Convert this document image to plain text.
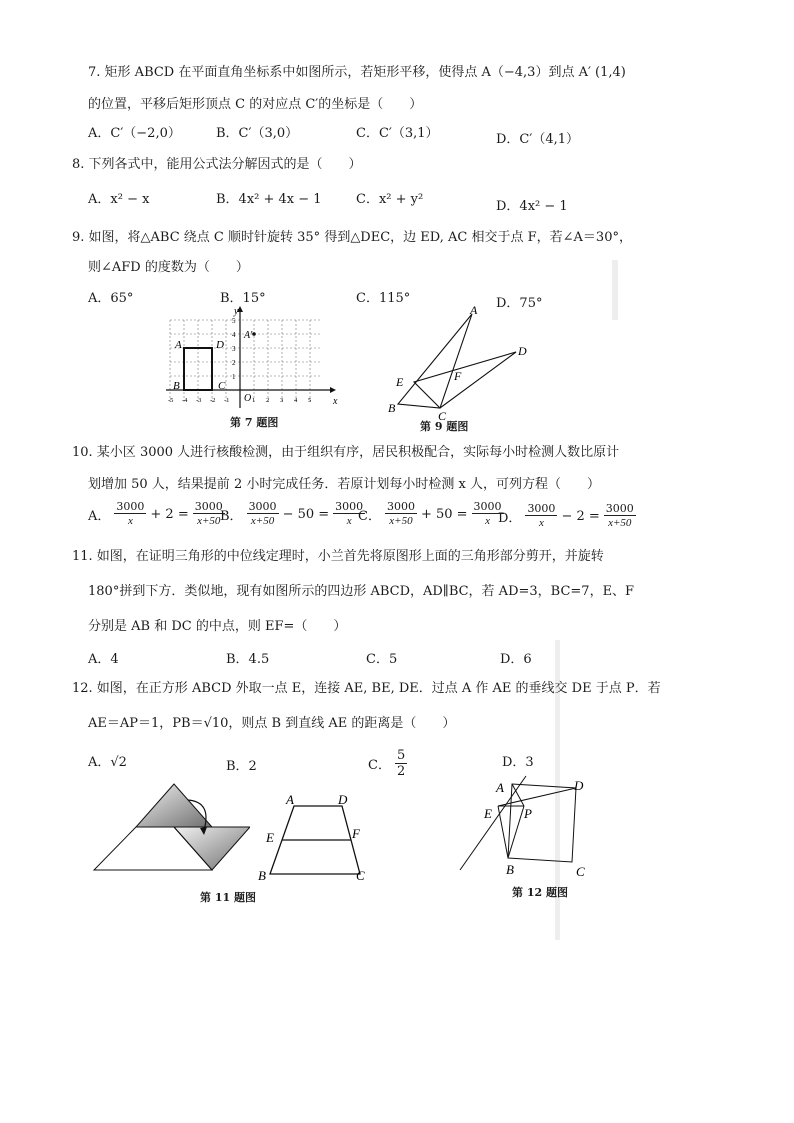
7. 矩形 ABCD 在平面直角坐标系中如图所示，若矩形平移，使得点 A（−4,3）到点 A′ (1,4)
的位置，平移后矩形顶点 C 的对应点 C′的坐标是（　　）
A．C′（−2,0）	B．C′（3,0）	C．C′（3,1）	D．C′（4,1）
8. 下列各式中，能用公式法分解因式的是（　　）
A．x² − x	B．4x² + 4x − 1	C．x² + y²	D．4x² − 1
9. 如图，将△ABC 绕点 C 顺时针旋转 35° 得到△DEC，边 ED, AC 相交于点 F，若∠A＝30°，
则∠AFD 的度数为（　　）
A．65°	B．15°	C．115°	D．75°
y
x
A′
A	D
B	C
O
1
2
3
4
5
-5 -4 -3 -2 -1	1 2 3 4 5
第 7 题图
A
D
E	F
B
C
第 9 题图
10. 某小区 3000 人进行核酸检测，由于组织有序，居民积极配合，实际每小时检测人数比原计
划增加 50 人，结果提前 2 小时完成任务．若原计划每小时检测 x 人，可列方程（　　）
A． $\frac{3000}{x} + 2 = \frac{3000}{x+50}$
B． $\frac{3000}{x+50} - 50 = \frac{3000}{x}$
C． $\frac{3000}{x+50} + 50 = \frac{3000}{x}$
D． $\frac{3000}{x} - 2 = \frac{3000}{x+50}$
11. 如图，在证明三角形的中位线定理时，小兰首先将原图形上面的三角形部分剪开，并旋转
180°拼到下方．类似地，现有如图所示的四边形 ABCD，AD∥BC，若 AD=3，BC=7，E、F
分别是 AB 和 DC 的中点，则 EF=（　　）
A．4	B．4.5	C．5	D．6
12. 如图，在正方形 ABCD 外取一点 E，连接 AE, BE, DE．过点 A 作 AE 的垂线交 DE 于点 P．若
AE＝AP＝1，PB＝√10，则点 B 到直线 AE 的距离是（　　）
A．√2	B．2	C． $\frac{5}{2}$	D．3
A	D
E	F
B	C
第 11 题图
A	D
E P
B	C
第 12 题图
